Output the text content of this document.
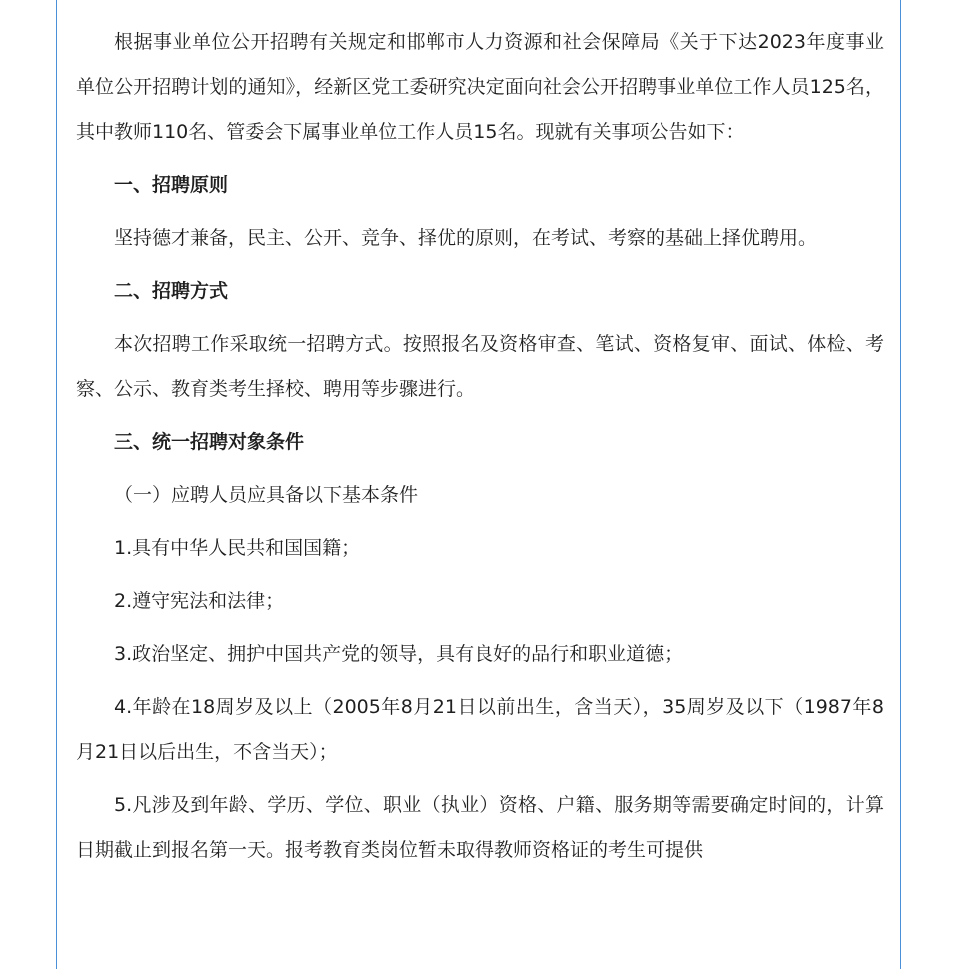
根据事业单位公开招聘有关规定和邯郸市人力资源和社会保障局《关于下达2023年度事业单位公开招聘计划的通知》，经新区党工委研究决定面向社会公开招聘事业单位工作人员125名，其中教师110名、管委会下属事业单位工作人员15名。现就有关事项公告如下：

一、招聘原则

坚持德才兼备，民主、公开、竞争、择优的原则，在考试、考察的基础上择优聘用。

二、招聘方式

本次招聘工作采取统一招聘方式。按照报名及资格审查、笔试、资格复审、面试、体检、考察、公示、教育类考生择校、聘用等步骤进行。

三、统一招聘对象条件

（一）应聘人员应具备以下基本条件

1.具有中华人民共和国国籍；

2.遵守宪法和法律；

3.政治坚定、拥护中国共产党的领导，具有良好的品行和职业道德；

4.年龄在18周岁及以上（2005年8月21日以前出生，含当天），35周岁及以下（1987年8月21日以后出生，不含当天）；

5.凡涉及到年龄、学历、学位、职业（执业）资格、户籍、服务期等需要确定时间的，计算日期截止到报名第一天。报考教育类岗位暂未取得教师资格证的考生可提供
